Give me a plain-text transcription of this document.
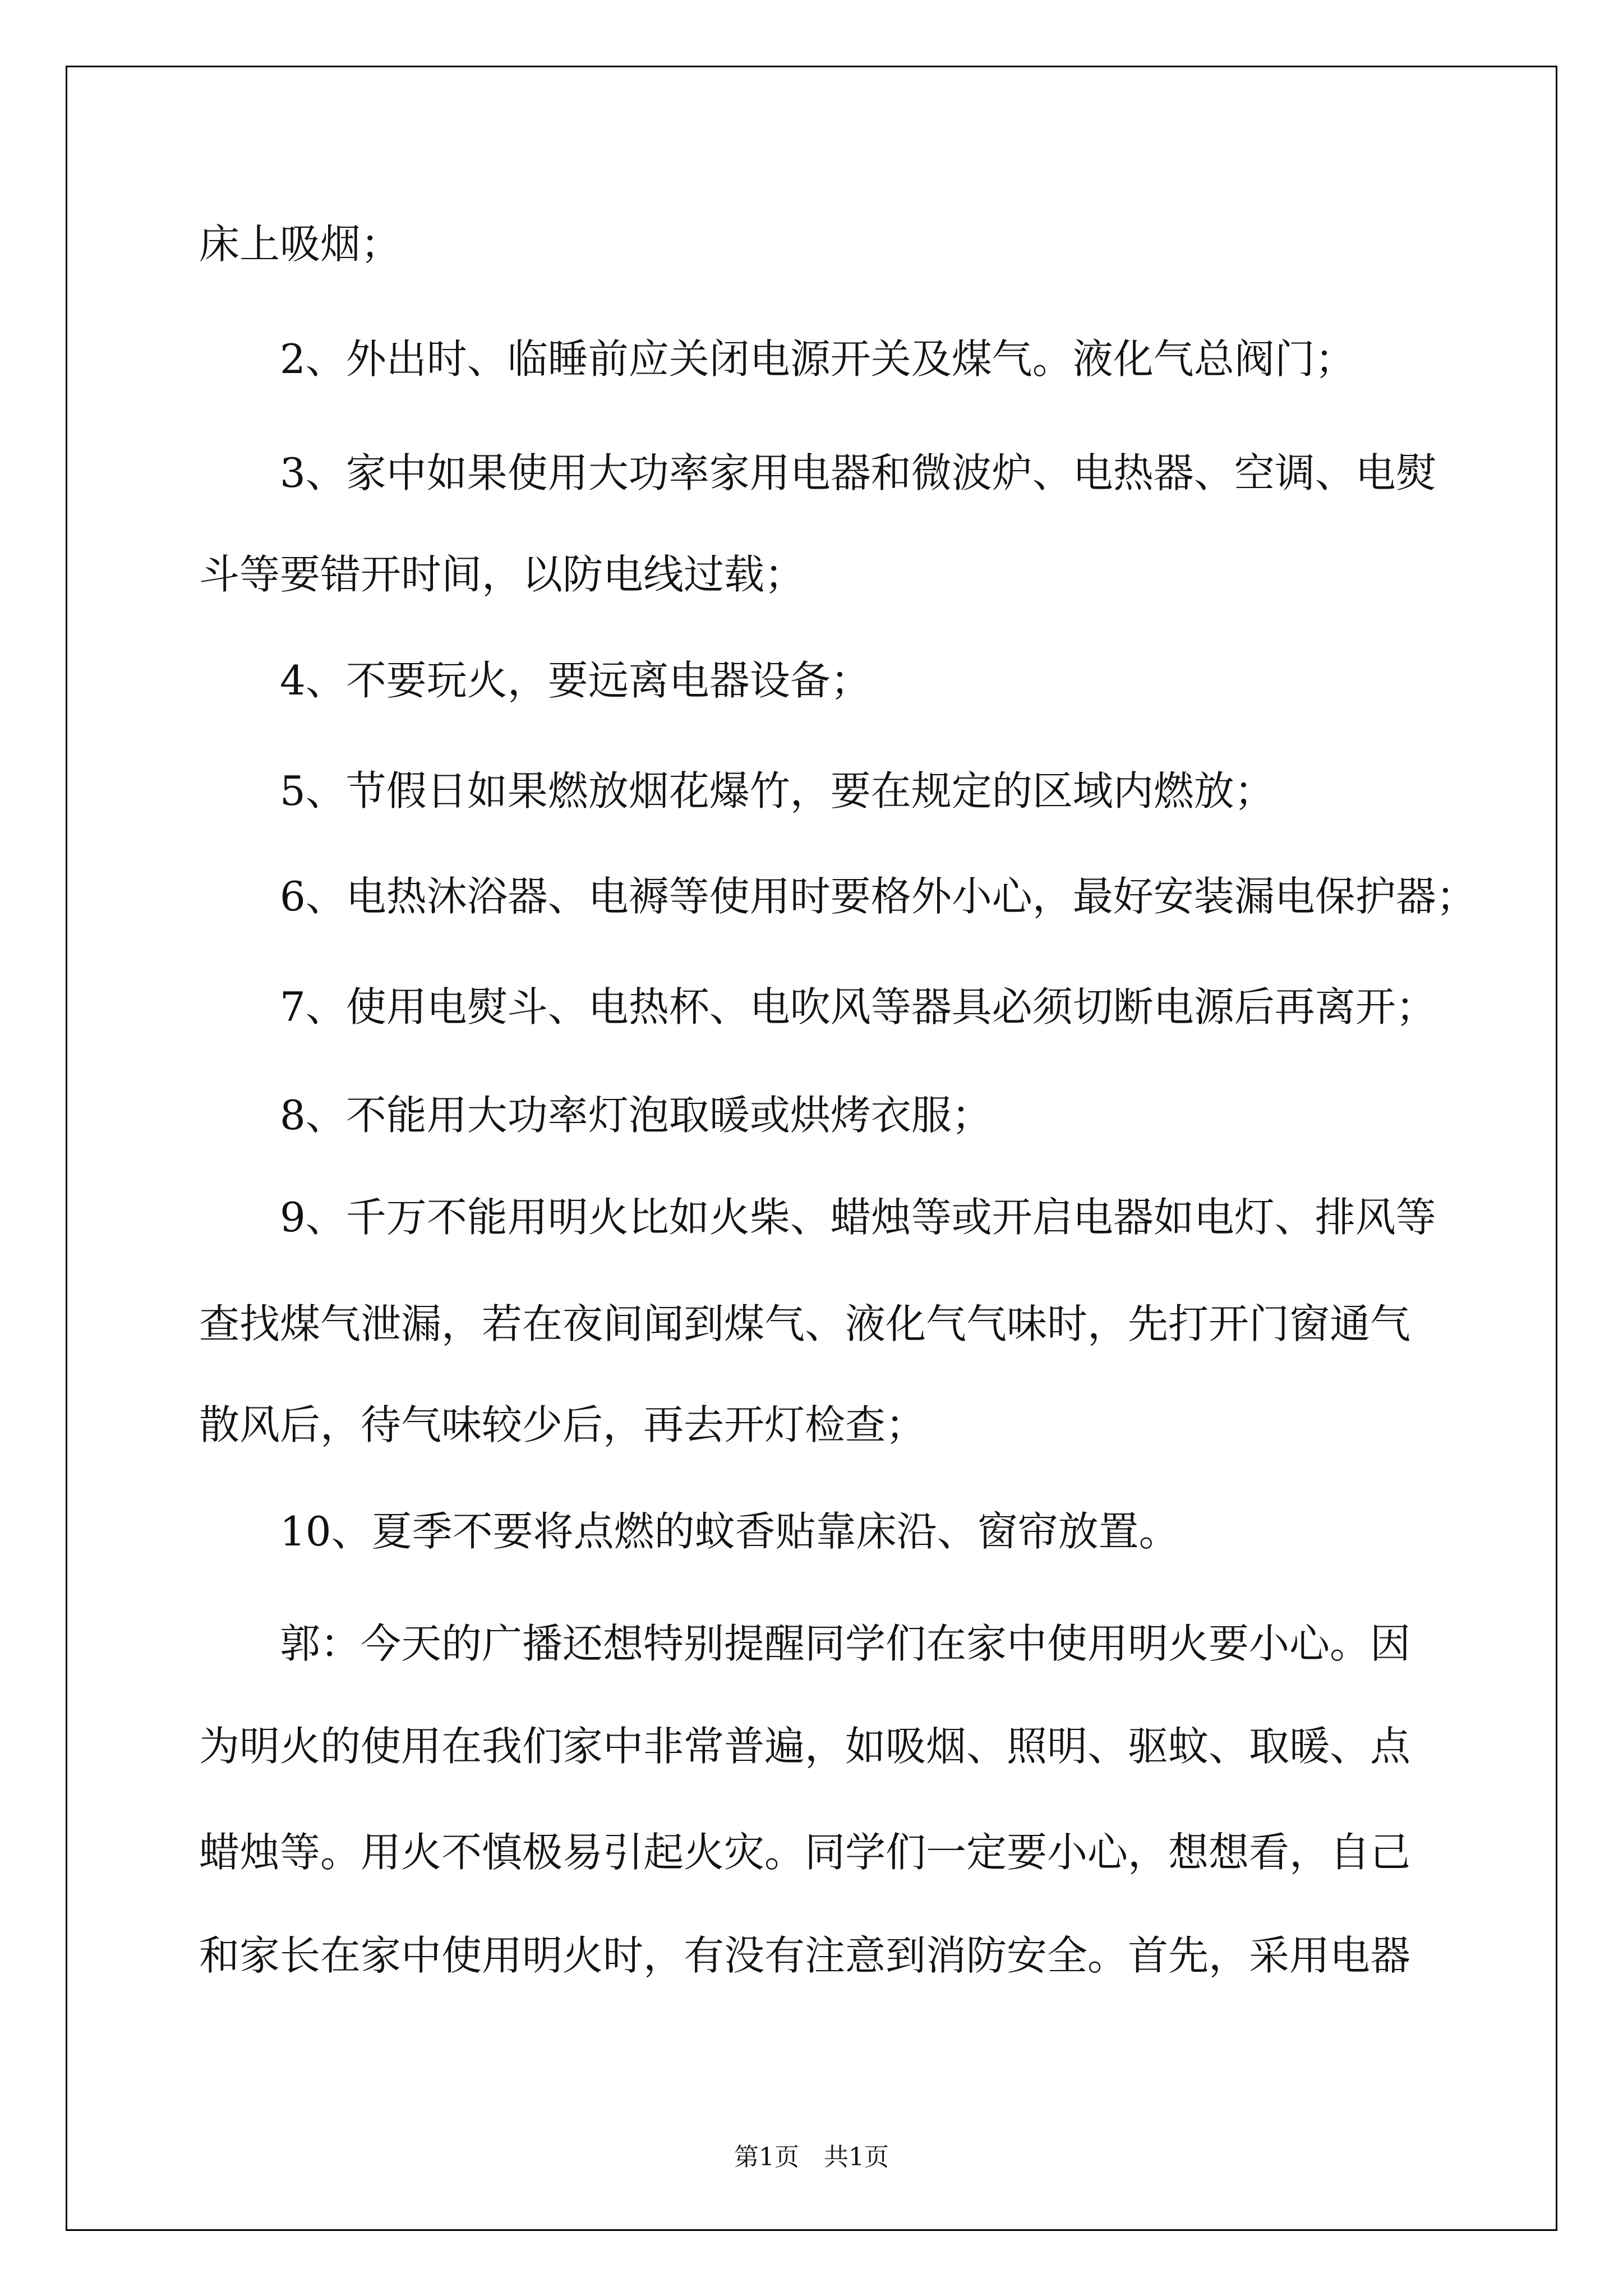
床上吸烟；
　　2、外出时、临睡前应关闭电源开关及煤气。液化气总阀门；
　　3、家中如果使用大功率家用电器和微波炉、电热器、空调、电熨
斗等要错开时间，以防电线过载；
　　4、不要玩火，要远离电器设备；
　　5、节假日如果燃放烟花爆竹，要在规定的区域内燃放；
　　6、电热沐浴器、电褥等使用时要格外小心，最好安装漏电保护器；
　　7、使用电熨斗、电热杯、电吹风等器具必须切断电源后再离开；
　　8、不能用大功率灯泡取暖或烘烤衣服；
　　9、千万不能用明火比如火柴、蜡烛等或开启电器如电灯、排风等
查找煤气泄漏，若在夜间闻到煤气、液化气气味时，先打开门窗通气
散风后，待气味较少后，再去开灯检查；
　　10、夏季不要将点燃的蚊香贴靠床沿、窗帘放置。
　　郭：今天的广播还想特别提醒同学们在家中使用明火要小心。因
为明火的使用在我们家中非常普遍，如吸烟、照明、驱蚊、取暖、点
蜡烛等。用火不慎极易引起火灾。同学们一定要小心，想想看，自己
和家长在家中使用明火时，有没有注意到消防安全。首先，采用电器
第1页　共1页
